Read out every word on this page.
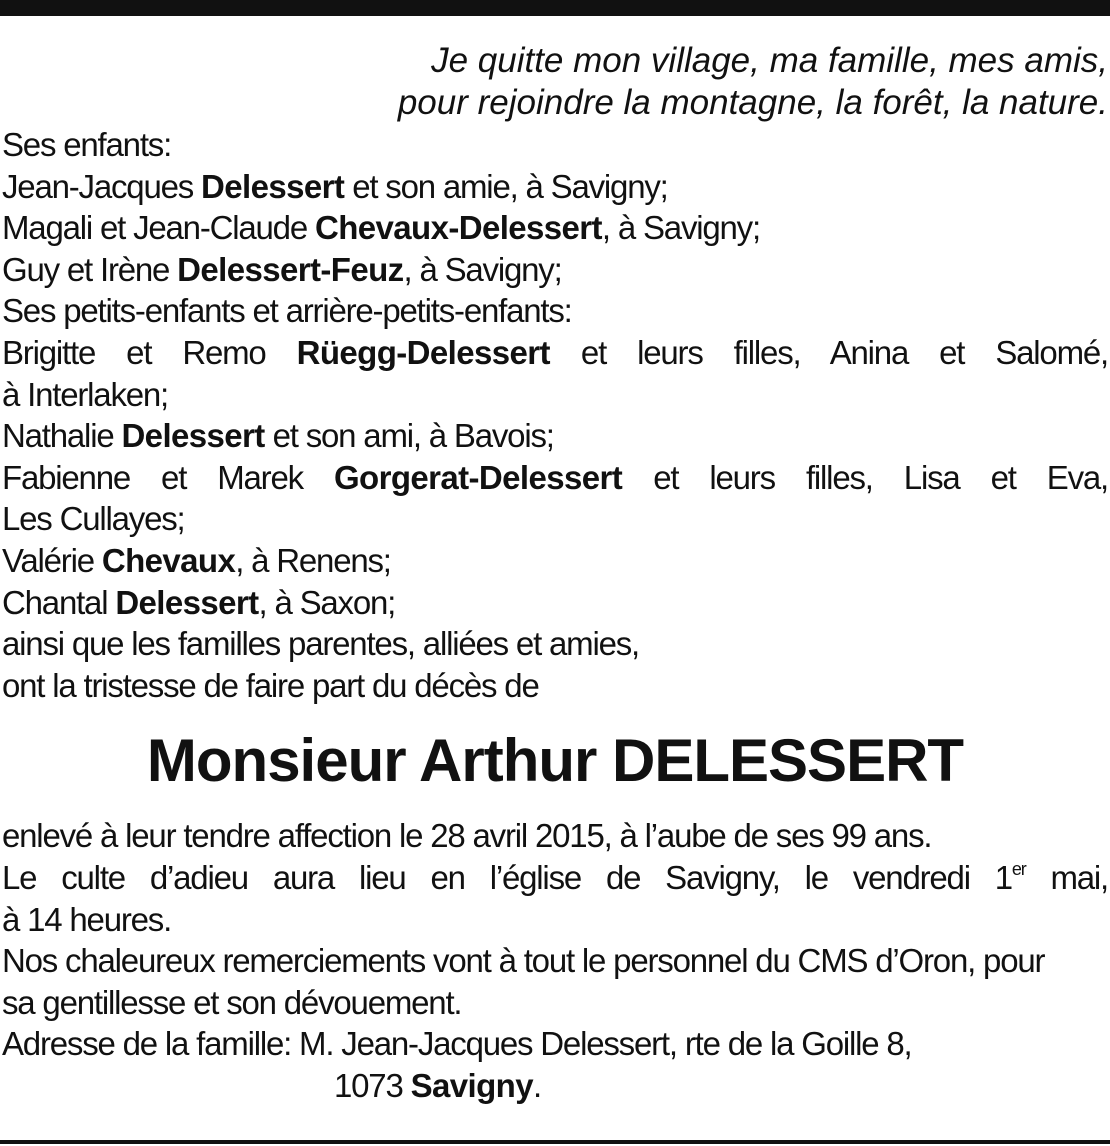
Je quitte mon village, ma famille, mes amis,
pour rejoindre la montagne, la forêt, la nature.
Ses enfants:
Jean-Jacques Delessert et son amie, à Savigny;
Magali et Jean-Claude Chevaux-Delessert, à Savigny;
Guy et Irène Delessert-Feuz, à Savigny;
Ses petits-enfants et arrière-petits-enfants:
Brigitte et Remo Rüegg-Delessert et leurs filles, Anina et Salomé,
à Interlaken;
Nathalie Delessert et son ami, à Bavois;
Fabienne et Marek Gorgerat-Delessert et leurs filles, Lisa et Eva,
Les Cullayes;
Valérie Chevaux, à Renens;
Chantal Delessert, à Saxon;
ainsi que les familles parentes, alliées et amies,
ont la tristesse de faire part du décès de
Monsieur Arthur DELESSERT
enlevé à leur tendre affection le 28 avril 2015, à l’aube de ses 99 ans.
Le culte d’adieu aura lieu en l’église de Savigny, le vendredi 1er mai,
à 14 heures.
Nos chaleureux remerciements vont à tout le personnel du CMS d’Oron, pour
sa gentillesse et son dévouement.
Adresse de la famille: M. Jean-Jacques Delessert, rte de la Goille 8,
1073 Savigny.
